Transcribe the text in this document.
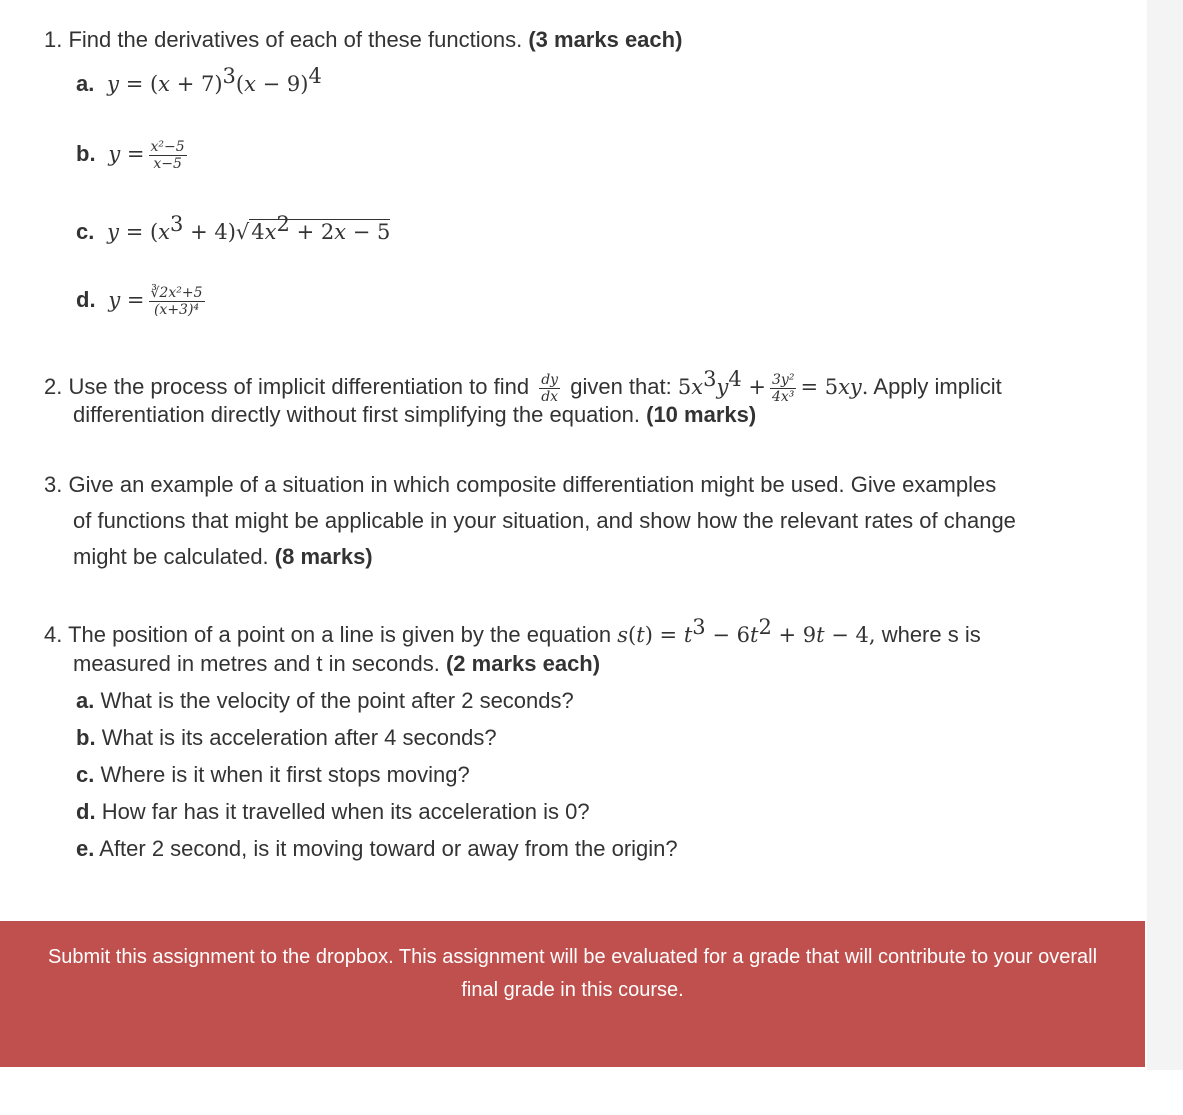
1. Find the derivatives of each of these functions. (3 marks each)
a.  $y = (x + 7)^3(x - 9)^4$
b.  $y = \frac{\text{x²−5}}{x-5}$
c.  $y = (x^3 + 4)√4x^2 + 2x - 5$
d.  $y = \frac{\text{∛2x²+5}}{\text{(x+3)⁴}}$
2. Use the process of implicit differentiation to find $\frac{dy}{dx}$ given that: $5x^3y^4 + \frac{\text{3y²}}{\text{4x³}} = 5xy$. Apply implicit
differentiation directly without first simplifying the equation. (10 marks)
3. Give an example of a situation in which composite differentiation might be used. Give examples
of functions that might be applicable in your situation, and show how the relevant rates of change
might be calculated. (8 marks)
4. The position of a point on a line is given by the equation $s(t) = t^3 - 6t^2 + 9t - 4$, where s is
measured in metres and t in seconds. (2 marks each)
a. What is the velocity of the point after 2 seconds?
b. What is its acceleration after 4 seconds?
c. Where is it when it first stops moving?
d. How far has it travelled when its acceleration is 0?
e. After 2 second, is it moving toward or away from the origin?
Submit this assignment to the dropbox. This assignment will be evaluated for a grade that will contribute to your overall final grade in this course.
